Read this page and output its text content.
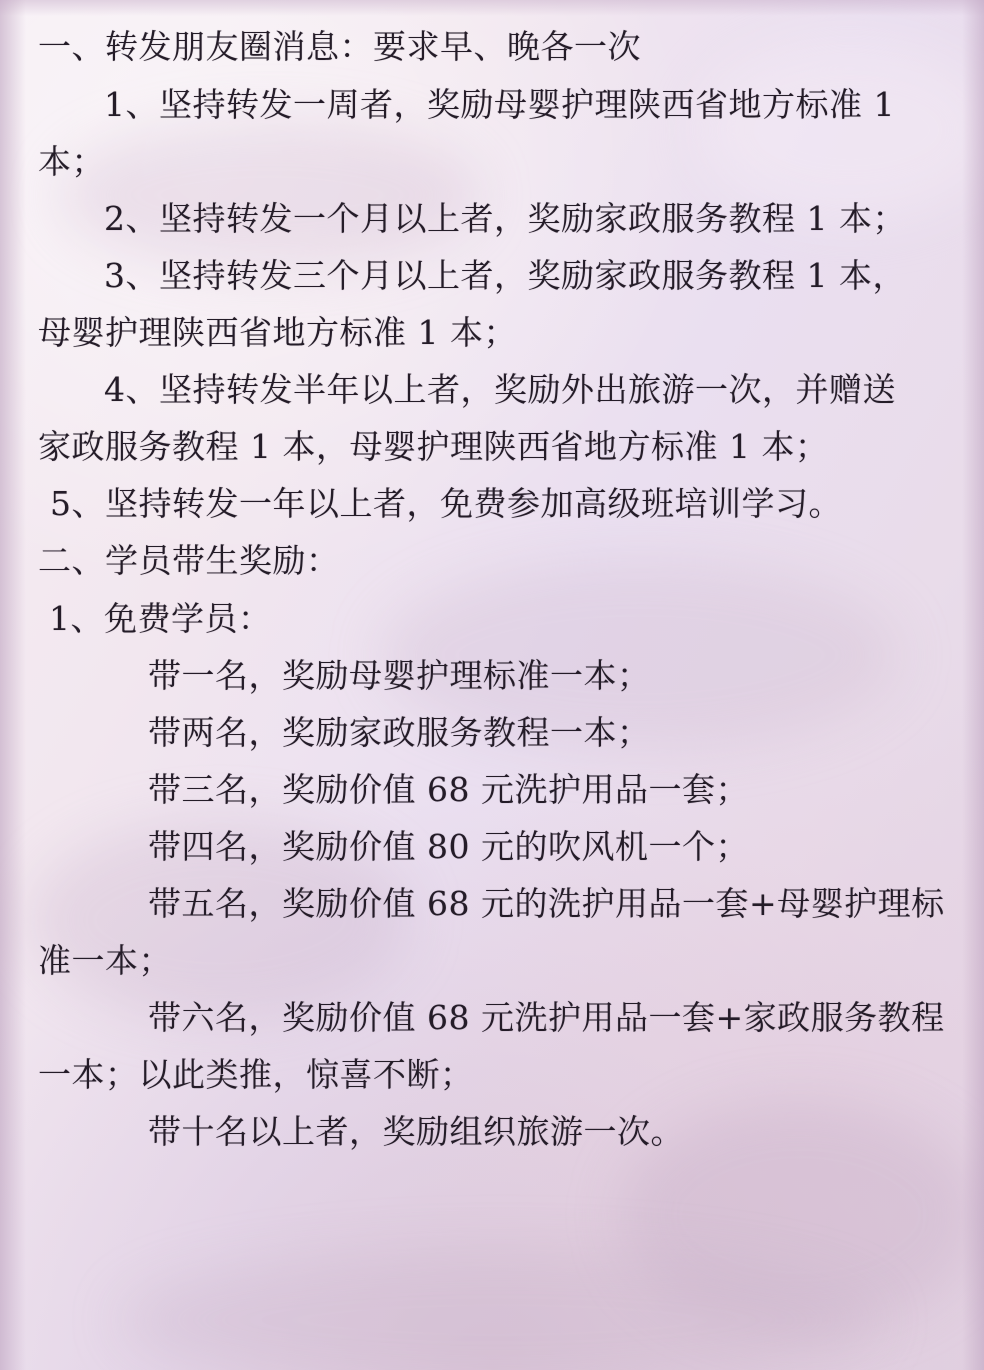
一、转发朋友圈消息：要求早、晚各一次
1、坚持转发一周者，奖励母婴护理陕西省地方标准 1
本；
2、坚持转发一个月以上者，奖励家政服务教程 1 本；
3、坚持转发三个月以上者，奖励家政服务教程 1 本，
母婴护理陕西省地方标准 1 本；
4、坚持转发半年以上者，奖励外出旅游一次，并赠送
家政服务教程 1 本，母婴护理陕西省地方标准 1 本；
5、坚持转发一年以上者，免费参加高级班培训学习。
二、学员带生奖励：
1、免费学员：
带一名，奖励母婴护理标准一本；
带两名，奖励家政服务教程一本；
带三名，奖励价值 68 元洗护用品一套；
带四名，奖励价值 80 元的吹风机一个；
带五名，奖励价值 68 元的洗护用品一套+母婴护理标
准一本；
带六名，奖励价值 68 元洗护用品一套+家政服务教程
一本；以此类推，惊喜不断；
带十名以上者，奖励组织旅游一次。
